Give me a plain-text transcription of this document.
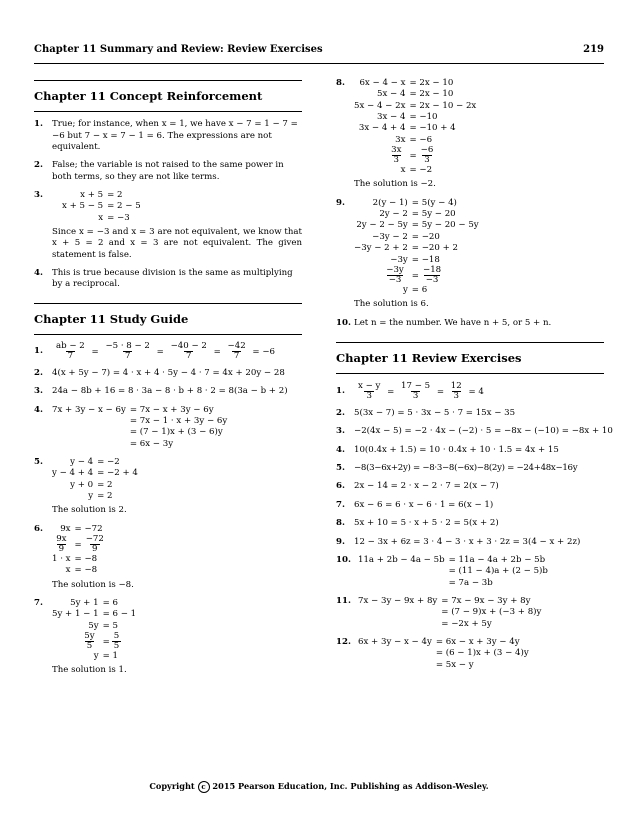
Chapter 11 Summary and Review: Review Exercises	219
Chapter 11 Concept Reinforcement
1.	True; for instance, when x = 1, we have x − 7 = 1 − 7 = −6 but 7 − x = 7 − 1 = 6. The expressions are not equivalent.
2.	False; the variable is not raised to the same power in both terms, so they are not like terms.
3.	x + 5 = 2
x + 5 − 5 = 2 − 5
x = −3
Since x = −3 and x = 3 are not equivalent, we know that x + 5 = 2 and x = 3 are not equivalent. The given statement is false.
4.	This is true because division is the same as multiplying by a reciprocal.
Chapter 11 Study Guide
1.	$\frac{ab - 2}{7} = \frac{-5 \cdot 8 - 2}{7} = \frac{-40 - 2}{7} = \frac{-42}{7} = -6$
2.	4(x + 5y − 7) = 4 · x + 4 · 5y − 4 · 7 = 4x + 20y − 28
3.	24a − 8b + 16 = 8 · 3a − 8 · b + 8 · 2 = 8(3a − b + 2)
4.	7x + 3y − x − 6y = 7x − x + 3y − 6y
= 7x − 1 · x + 3y − 6y
= (7 − 1)x + (3 − 6)y
= 6x − 3y
5.	y − 4 = −2
y − 4 + 4 = −2 + 4
y + 0 = 2
y = 2
The solution is 2.
6.	9x = −72
$\frac{9x}{9} = \frac{-72}{9}$
1 · x = −8
x = −8
The solution is −8.
7.	5y + 1 = 6
5y + 1 − 1 = 6 − 1
5y = 5
$\frac{5y}{5} = \frac{5}{5}$
y = 1
The solution is 1.
8.	6x − 4 − x = 2x − 10
5x − 4 = 2x − 10
5x − 4 − 2x = 2x − 10 − 2x
3x − 4 = −10
3x − 4 + 4 = −10 + 4
3x = −6
$\frac{3x}{3} = \frac{-6}{3}$
x = −2
The solution is −2.
9.	2(y − 1) = 5(y − 4)
2y − 2 = 5y − 20
2y − 2 − 5y = 5y − 20 − 5y
−3y − 2 = −20
−3y − 2 + 2 = −20 + 2
−3y = −18
$\frac{-3y}{-3} = \frac{-18}{-3}$
y = 6
The solution is 6.
10. Let n = the number. We have n + 5, or 5 + n.
Chapter 11 Review Exercises
1.	$\frac{x - y}{3} = \frac{17 - 5}{3} = \frac{12}{3} = 4$
2.	5(3x − 7) = 5 · 3x − 5 · 7 = 15x − 35
3.	−2(4x − 5) = −2 · 4x − (−2) · 5 = −8x − (−10) = −8x + 10
4.	10(0.4x + 1.5) = 10 · 0.4x + 10 · 1.5 = 4x + 15
5.	−8(3−6x+2y) = −8·3−8(−6x)−8(2y) = −24+48x−16y
6.	2x − 14 = 2 · x − 2 · 7 = 2(x − 7)
7.	6x − 6 = 6 · x − 6 · 1 = 6(x − 1)
8.	5x + 10 = 5 · x + 5 · 2 = 5(x + 2)
9.	12 − 3x + 6z = 3 · 4 − 3 · x + 3 · 2z = 3(4 − x + 2z)
10. 11a + 2b − 4a − 5b = 11a − 4a + 2b − 5b
= (11 − 4)a + (2 − 5)b
= 7a − 3b
11. 7x − 3y − 9x + 8y = 7x − 9x − 3y + 8y
= (7 − 9)x + (−3 + 8)y
= −2x + 5y
12. 6x + 3y − x − 4y = 6x − x + 3y − 4y
= (6 − 1)x + (3 − 4)y
= 5x − y
Copyright c 2015 Pearson Education, Inc. Publishing as Addison-Wesley.
